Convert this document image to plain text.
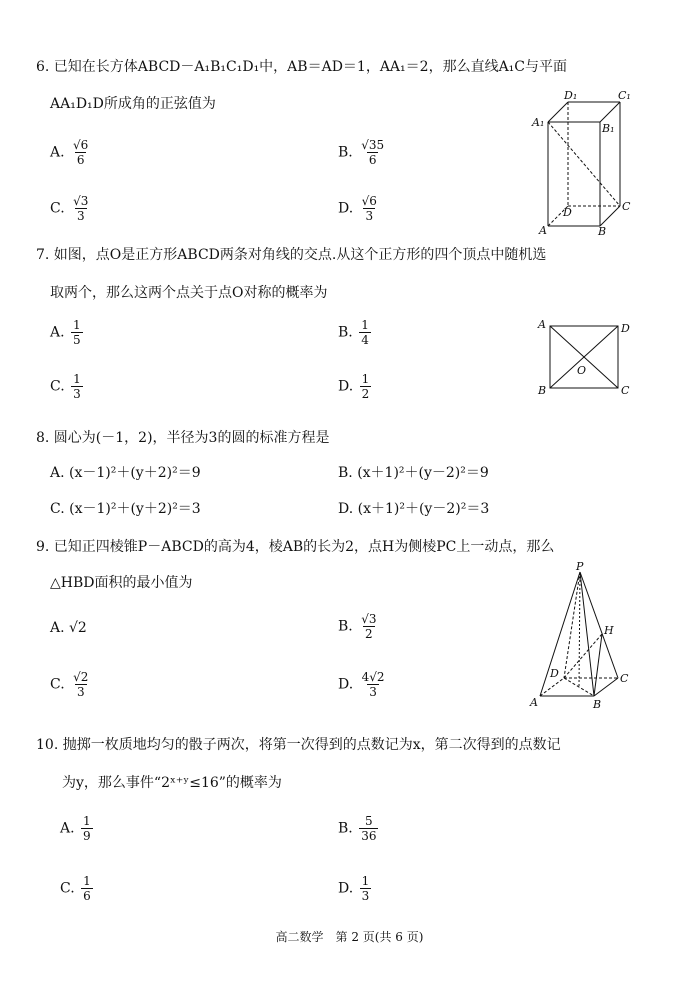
6. 已知在长方体ABCD－A₁B₁C₁D₁中，AB＝AD＝1，AA₁＝2，那么直线A₁C与平面
AA₁D₁D所成角的正弦值为
A. $\frac{√6}{6}$	B. $\frac{√35}{6}$
C. $\frac{√3}{3}$	D. $\frac{√6}{3}$
D₁	C₁
A₁	B₁
D	C
A	B
7. 如图，点O是正方形ABCD两条对角线的交点.从这个正方形的四个顶点中随机选
取两个，那么这两个点关于点O对称的概率为
A. $\frac{1}{5}$	B. $\frac{1}{4}$
C. $\frac{1}{3}$	D. $\frac{1}{2}$
A	D
B	C
O
8. 圆心为(－1，2)，半径为3的圆的标准方程是
A. (x－1)²＋(y＋2)²＝9	B. (x＋1)²＋(y－2)²＝9
C. (x－1)²＋(y＋2)²＝3	D. (x＋1)²＋(y－2)²＝3
9. 已知正四棱锥P－ABCD的高为4，棱AB的长为2，点H为侧棱PC上一动点，那么
△HBD面积的最小值为
A. √2	B. $\frac{√3}{2}$
C. $\frac{√2}{3}$	D. $\frac{4√2}{3}$
P
H
D	C
A	B
10. 抛掷一枚质地均匀的骰子两次，将第一次得到的点数记为x，第二次得到的点数记
为y，那么事件“2ˣ⁺ʸ≤16”的概率为
A. $\frac{1}{9}$	B. $\frac{5}{36}$
C. $\frac{1}{6}$	D. $\frac{1}{3}$
高二数学　第 2 页(共 6 页)
